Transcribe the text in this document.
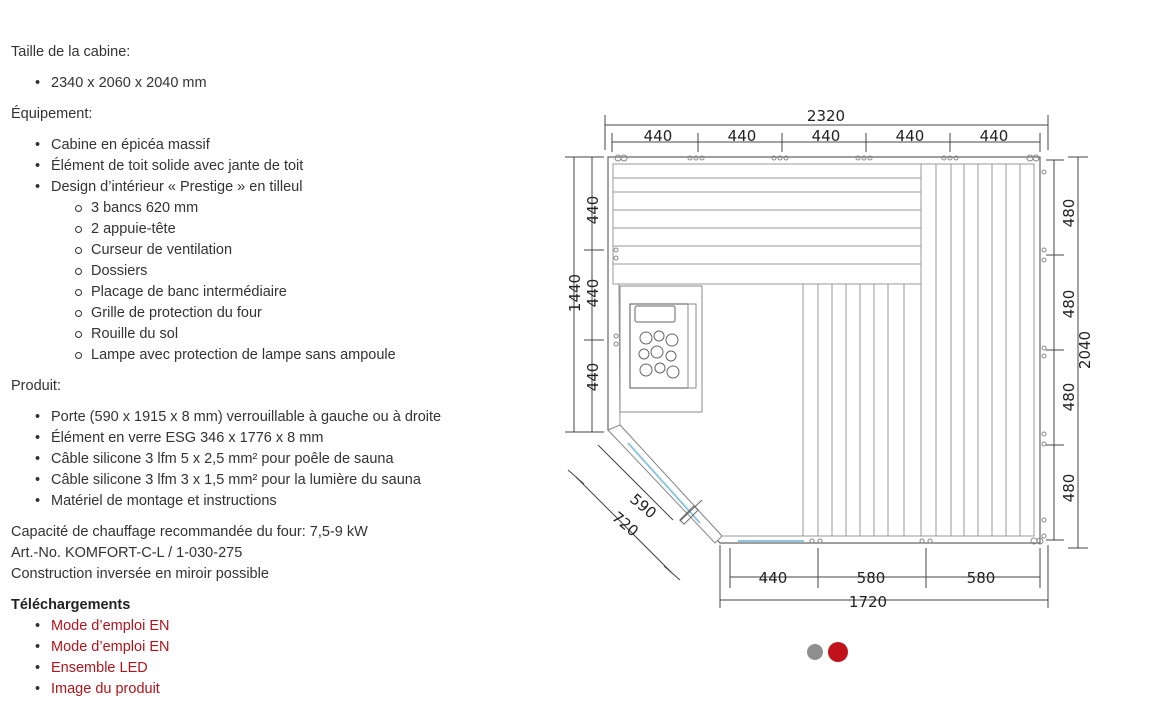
Taille de la cabine:

• 2340 x 2060 x 2040 mm

Équipement:

• Cabine en épicéa massif
• Élément de toit solide avec jante de toit
• Design d’intérieur « Prestige » en tilleul
3 bancs 620 mm
2 appuie-tête
Curseur de ventilation
Dossiers
Placage de banc intermédiaire
Grille de protection du four
Rouille du sol
Lampe avec protection de lampe sans ampoule

Produit:

• Porte (590 x 1915 x 8 mm) verrouillable à gauche ou à droite
• Élément en verre ESG 346 x 1776 x 8 mm
• Câble silicone 3 lfm 5 x 2,5 mm² pour poêle de sauna
• Câble silicone 3 lfm 3 x 1,5 mm² pour la lumière du sauna
• Matériel de montage et instructions

Capacité de chauffage recommandée du four: 7,5-9 kW

Art.-No. KOMFORT-C-L / 1-030-275

Construction inversée en miroir possible

Téléchargements

• Mode d’emploi EN
• Mode d’emploi EN
• Ensemble LED
• Image du produit
2320
440	440	440	440	440
1440
440
440
440
480
480
480
480
2040
440	580	580
1720
590
720
